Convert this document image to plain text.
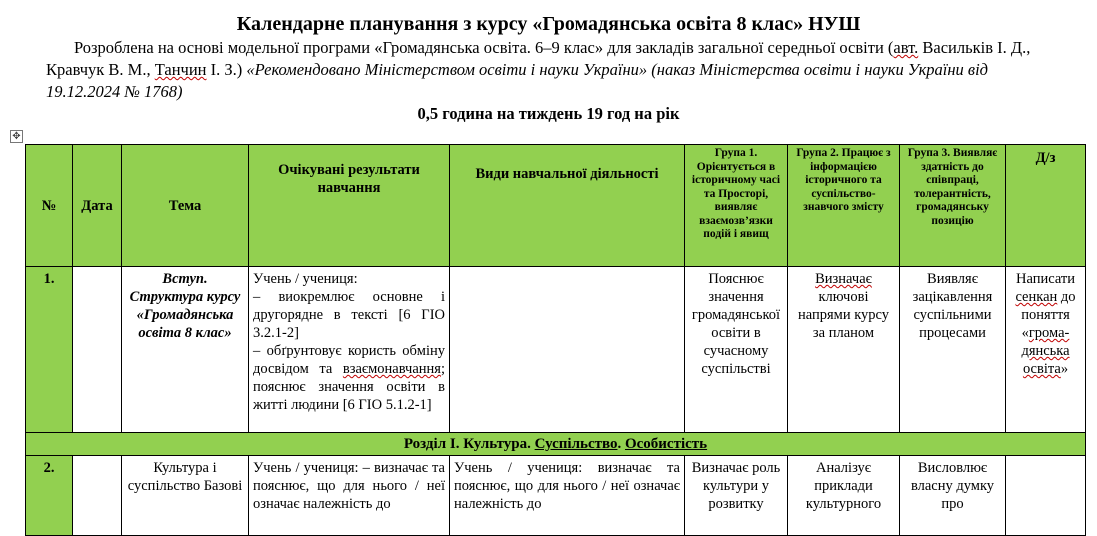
Календарне планування з курсу «Громадянська освіта 8 клас» НУШ
Розроблена на основі модельної програми «Громадянська освіта. 6–9 клас» для закладів загальної середньої освіти (авт. Васильків І. Д., Кравчук В. М., Танчин І. З.) «Рекомендовано Міністерством освіти і науки України» (наказ Міністерства освіти і науки України від 19.12.2024 № 1768)
0,5 година на тиждень 19 год на рік
✥
№	Дата	Тема	Очікувані результати навчання	Види навчальної діяльності	Група 1. Орієнтується в історичному часі та Просторі, виявляє взаємозв’язки подій і явищ	Група 2. Працює з інформацією історичного та суспільство-знавчого змісту	Група 3. Виявляє здатність до співпраці, толерантність, громадянську позицію	Д/з
1.		Вступ. Структура курсу «Громадянська освіта 8 клас»	Учень / учениця:
– виокремлює основне і другорядне в тексті [6 ГІО 3.2.1-2]
– обґрунтовує користь обміну досвідом та взаємонавчання; пояснює значення освіти в житті людини [6 ГІО 5.1.2-1]		Пояснює значення громадянської освіти в сучасному суспільстві	Визначає ключові напрями курсу за планом	Виявляє зацікавлення суспільними процесами	Написати сенкан до поняття «грома-дянська освіта»
Розділ І. Культура. Суспільство. Особистість								
2.		Культура і суспільство Базові	Учень / учениця: – визначає та пояснює, що для нього / неї означає належність до	Учень / учениця: визначає та пояснює, що для нього / неї означає належність до	Визначає роль культури у розвитку	Аналізує приклади культурного	Висловлює власну думку про	
